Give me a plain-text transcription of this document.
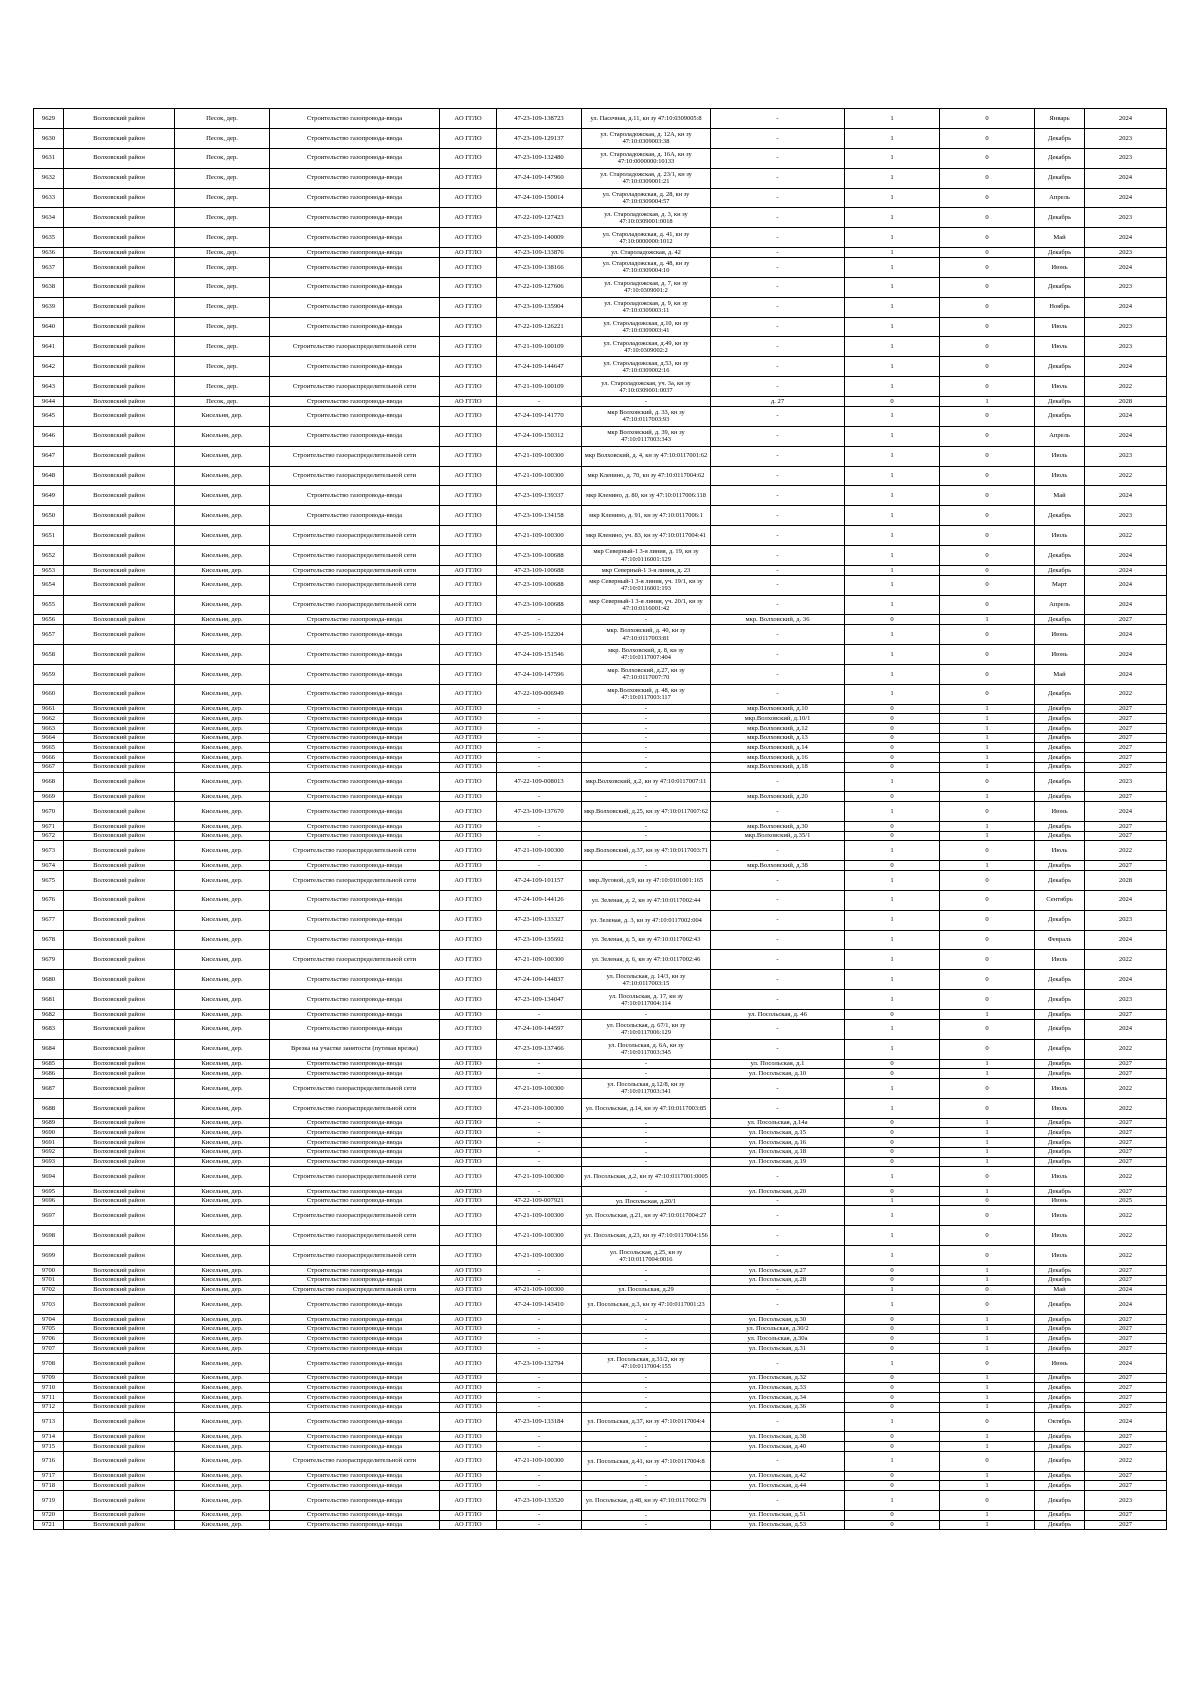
9629	Волховский район	Песок, дер.	Строительство газопровода-ввода	АО ГГЛО	47-23-109-138723	ул. Пасечная, д.11, кн зу 47:10:0309005:8	-	1	0	Январь	2024
9630	Волховский район	Песок, дер.	Строительство газопровода-ввода	АО ГГЛО	47-23-109-129137	ул. Староладожская, д. 12А, кн зу 47:10:0309003:38	-	1	0	Декабрь	2023
9631	Волховский район	Песок, дер.	Строительство газопровода-ввода	АО ГГЛО	47-23-109-132480	ул. Староладожская, д. 16А, кн зу 47:10:0000000:10133	-	1	0	Декабрь	2023
9632	Волховский район	Песок, дер.	Строительство газопровода-ввода	АО ГГЛО	47-24-109-147960	ул. Староладожская, д. 23/1, кн зу 47:10:0309001:21	-	1	0	Декабрь	2024
9633	Волховский район	Песок, дер.	Строительство газопровода-ввода	АО ГГЛО	47-24-109-150014	ул. Староладожская, д. 28, кн зу 47:10:0309004:57	-	1	0	Апрель	2024
9634	Волховский район	Песок, дер.	Строительство газопровода-ввода	АО ГГЛО	47-22-109-127423	ул. Староладожская, д. 3, кн зу 47:10:0309001:0018	-	1	0	Декабрь	2023
9635	Волховский район	Песок, дер.	Строительство газопровода-ввода	АО ГГЛО	47-23-109-140009	ул. Староладожская, д. 41, кн зу 47:10:0000000:1012	-	1	0	Май	2024
9636	Волховский район	Песок, дер.	Строительство газопровода-ввода	АО ГГЛО	47-23-109-133876	ул. Староладожская, д. 42	-	1	0	Декабрь	2023
9637	Волховский район	Песок, дер.	Строительство газопровода-ввода	АО ГГЛО	47-23-109-138166	ул. Староладожская, д. 48, кн зу 47:10:0309004:10	-	1	0	Июнь	2024
9638	Волховский район	Песок, дер.	Строительство газопровода-ввода	АО ГГЛО	47-22-109-127606	ул. Староладожская, д. 7, кн зу 47:10:0309001:2	-	1	0	Декабрь	2023
9639	Волховский район	Песок, дер.	Строительство газопровода-ввода	АО ГГЛО	47-23-109-135904	ул. Староладожская, д. 9, кн зу 47:10:0309003:11	-	1	0	Ноябрь	2024
9640	Волховский район	Песок, дер.	Строительство газопровода-ввода	АО ГГЛО	47-22-109-126221	ул. Староладожская, д.10, кн зу 47:10:0309003:41	-	1	0	Июль	2023
9641	Волховский район	Песок, дер.	Строительство газораспределительной сети	АО ГГЛО	47-21-109-100109	ул. Староладожская, д.49, кн зу 47:10:0309002:2	-	1	0	Июль	2023
9642	Волховский район	Песок, дер.	Строительство газопровода-ввода	АО ГГЛО	47-24-109-144647	ул. Староладожская, д.53, кн зу 47:10:0309002:16	-	1	0	Декабрь	2024
9643	Волховский район	Песок, дер.	Строительство газораспределительной сети	АО ГГЛО	47-21-109-100109	ул. Староладожская, уч. 3а, кн зу 47:10:0309001:0037	-	1	0	Июль	2022
9644	Волховский район	Песок, дер.	Строительство газопровода-ввода	АО ГГЛО	-	-	д. 27	0	1	Декабрь	2028
9645	Волховский район	Кисельня, дер.	Строительство газопровода-ввода	АО ГГЛО	47-24-109-141770	мкр Волховский, д. 33, кн зу 47:10:0117003:93	-	1	0	Декабрь	2024
9646	Волховский район	Кисельня, дер.	Строительство газопровода-ввода	АО ГГЛО	47-24-109-150312	мкр Волховский, д. 39, кн зу 47:10:0117003:343	-	1	0	Апрель	2024
9647	Волховский район	Кисельня, дер.	Строительство газораспределительной сети	АО ГГЛО	47-21-109-100300	мкр Волховский, д. 4, кн зу 47:10:0117001:62	-	1	0	Июль	2023
9648	Волховский район	Кисельня, дер.	Строительство газораспределительной сети	АО ГГЛО	47-21-109-100300	мкр Кленино, д. 70, кн зу 47:10:0117004:62	-	1	0	Июль	2022
9649	Волховский район	Кисельня, дер.	Строительство газопровода-ввода	АО ГГЛО	47-23-109-139337	мкр Кленино, д. 80, кн зу 47:10:0117006:118	-	1	0	Май	2024
9650	Волховский район	Кисельня, дер.	Строительство газопровода-ввода	АО ГГЛО	47-23-109-134158	мкр Кленино, д. 91, кн зу 47:10:0117006:1	-	1	0	Декабрь	2023
9651	Волховский район	Кисельня, дер.	Строительство газораспределительной сети	АО ГГЛО	47-21-109-100300	мкр Кленино, уч. 83, кн зу 47:10:0117004:41	-	1	0	Июль	2022
9652	Волховский район	Кисельня, дер.	Строительство газораспределительной сети	АО ГГЛО	47-23-109-100688	мкр Северный-1 3-я линия, д. 19, кн зу 47:10:0116001:129	-	1	0	Декабрь	2024
9653	Волховский район	Кисельня, дер.	Строительство газораспределительной сети	АО ГГЛО	47-23-109-100688	мкр Северный-1 3-я линия, д. 23	-	1	0	Декабрь	2024
9654	Волховский район	Кисельня, дер.	Строительство газораспределительной сети	АО ГГЛО	47-23-109-100688	мкр Северный-1 3-я линия, уч. 19/1, кн зу 47:10:0116001:193	-	1	0	Март	2024
9655	Волховский район	Кисельня, дер.	Строительство газораспределительной сети	АО ГГЛО	47-23-109-100688	мкр Северный-1 3-я линия, уч. 20/1, кн зу 47:10:0116001:42	-	1	0	Апрель	2024
9656	Волховский район	Кисельня, дер.	Строительство газопровода-ввода	АО ГГЛО	-	-	мкр. Волховский, д. 36	0	1	Декабрь	2027
9657	Волховский район	Кисельня, дер.	Строительство газопровода-ввода	АО ГГЛО	47-25-109-152204	мкр. Волховский, д. 40, кн зу 47:10:0117003:81	-	1	0	Июнь	2024
9658	Волховский район	Кисельня, дер.	Строительство газопровода-ввода	АО ГГЛО	47-24-109-151546	мкр. Волховский, д. 8, кн зу 47:10:0117007:404	-	1	0	Июнь	2024
9659	Волховский район	Кисельня, дер.	Строительство газопровода-ввода	АО ГГЛО	47-24-109-147596	мкр. Волховский, д.27, кн зу 47:10:0117007:70	-	1	0	Май	2024
9660	Волховский район	Кисельня, дер.	Строительство газопровода-ввода	АО ГГЛО	47-22-109-006949	мкр.Волховский, д. 48, кн зу 47:10:0117003:117	-	1	0	Декабрь	2022
9661	Волховский район	Кисельня, дер.	Строительство газопровода-ввода	АО ГГЛО	-	-	мкр.Волховский, д.10	0	1	Декабрь	2027
9662	Волховский район	Кисельня, дер.	Строительство газопровода-ввода	АО ГГЛО	-	-	мкр.Волховский, д.10/1	0	1	Декабрь	2027
9663	Волховский район	Кисельня, дер.	Строительство газопровода-ввода	АО ГГЛО	-	-	мкр.Волховский, д.12	0	1	Декабрь	2027
9664	Волховский район	Кисельня, дер.	Строительство газопровода-ввода	АО ГГЛО	-	-	мкр.Волховский, д.13	0	1	Декабрь	2027
9665	Волховский район	Кисельня, дер.	Строительство газопровода-ввода	АО ГГЛО	-	-	мкр.Волховский, д.14	0	1	Декабрь	2027
9666	Волховский район	Кисельня, дер.	Строительство газопровода-ввода	АО ГГЛО	-	-	мкр.Волховский, д.16	0	1	Декабрь	2027
9667	Волховский район	Кисельня, дер.	Строительство газопровода-ввода	АО ГГЛО	-	-	мкр.Волховский, д.18	0	1	Декабрь	2027
9668	Волховский район	Кисельня, дер.	Строительство газопровода-ввода	АО ГГЛО	47-22-109-008013	мкр.Волховский, д.2, кн зу 47:10:0117007:11	-	1	0	Декабрь	2023
9669	Волховский район	Кисельня, дер.	Строительство газопровода-ввода	АО ГГЛО	-	-	мкр.Волховский, д.20	0	1	Декабрь	2027
9670	Волховский район	Кисельня, дер.	Строительство газопровода-ввода	АО ГГЛО	47-23-109-137670	мкр.Волховский, д.25, кн зу 47:10:0117007:62	-	1	0	Июнь	2024
9671	Волховский район	Кисельня, дер.	Строительство газопровода-ввода	АО ГГЛО	-	-	мкр.Волховский, д.30	0	1	Декабрь	2027
9672	Волховский район	Кисельня, дер.	Строительство газопровода-ввода	АО ГГЛО	-	-	мкр.Волховский, д.35/1	0	1	Декабрь	2027
9673	Волховский район	Кисельня, дер.	Строительство газораспределительной сети	АО ГГЛО	47-21-109-100300	мкр.Волховский, д.37, кн зу 47:10:0117003:71	-	1	0	Июль	2022
9674	Волховский район	Кисельня, дер.	Строительство газопровода-ввода	АО ГГЛО	-	-	мкр.Волховский, д.38	0	1	Декабрь	2027
9675	Волховский район	Кисельня, дер.	Строительство газораспределительной сети	АО ГГЛО	47-24-109-101157	мкр.Луговой, д.9, кн зу 47:10:0101001:165	-	1	0	Декабрь	2028
9676	Волховский район	Кисельня, дер.	Строительство газопровода-ввода	АО ГГЛО	47-24-109-144126	ул. Зеленая, д. 2, кн зу 47:10:0117002:44	-	1	0	Сентябрь	2024
9677	Волховский район	Кисельня, дер.	Строительство газопровода-ввода	АО ГГЛО	47-23-109-133327	ул. Зеленая, д. 3, кн зу 47:10:0117002:004	-	1	0	Декабрь	2023
9678	Волховский район	Кисельня, дер.	Строительство газопровода-ввода	АО ГГЛО	47-23-109-135692	ул. Зеленая, д. 5, кн зу 47:10:0117002:43	-	1	0	Февраль	2024
9679	Волховский район	Кисельня, дер.	Строительство газораспределительной сети	АО ГГЛО	47-21-109-100300	ул. Зеленая, д. 6, кн зу 47:10:0117002:46	-	1	0	Июль	2022
9680	Волховский район	Кисельня, дер.	Строительство газопровода-ввода	АО ГГЛО	47-24-109-144837	ул. Посольская, д. 14/3, кн зу 47:10:0117003:15	-	1	0	Декабрь	2024
9681	Волховский район	Кисельня, дер.	Строительство газопровода-ввода	АО ГГЛО	47-23-109-134047	ул. Посольская, д. 17, кн зу 47:10:0117004:114	-	1	0	Декабрь	2023
9682	Волховский район	Кисельня, дер.	Строительство газопровода-ввода	АО ГГЛО	-	-	ул. Посольская, д. 46	0	1	Декабрь	2027
9683	Волховский район	Кисельня, дер.	Строительство газопровода-ввода	АО ГГЛО	47-24-109-144597	ул. Посольская, д. 67/1, кн зу 47:10:0117006:129	-	1	0	Декабрь	2024
9684	Волховский район	Кисельня, дер.	Врезка на участке занятости (путевая врезка)	АО ГГЛО	47-23-109-137466	ул. Посольская, д. 6А, кн зу 47:10:0117003:345	-	1	0	Декабрь	2022
9685	Волховский район	Кисельня, дер.	Строительство газопровода-ввода	АО ГГЛО	-	-	ул. Посольская, д.1	0	1	Декабрь	2027
9686	Волховский район	Кисельня, дер.	Строительство газопровода-ввода	АО ГГЛО	-	-	ул. Посольская, д.10	0	1	Декабрь	2027
9687	Волховский район	Кисельня, дер.	Строительство газораспределительной сети	АО ГГЛО	47-21-109-100300	ул. Посольская, д.12/8, кн зу 47:10:0117003:341	-	1	0	Июль	2022
9688	Волховский район	Кисельня, дер.	Строительство газораспределительной сети	АО ГГЛО	47-21-109-100300	ул. Посольская, д.14, кн зу 47:10:0117003:85	-	1	0	Июль	2022
9689	Волховский район	Кисельня, дер.	Строительство газопровода-ввода	АО ГГЛО	-	-	ул. Посольская, д.14а	0	1	Декабрь	2027
9690	Волховский район	Кисельня, дер.	Строительство газопровода-ввода	АО ГГЛО	-	-	ул. Посольская, д.15	0	1	Декабрь	2027
9691	Волховский район	Кисельня, дер.	Строительство газопровода-ввода	АО ГГЛО	-	-	ул. Посольская, д.16	0	1	Декабрь	2027
9692	Волховский район	Кисельня, дер.	Строительство газопровода-ввода	АО ГГЛО	-	-	ул. Посольская, д.18	0	1	Декабрь	2027
9693	Волховский район	Кисельня, дер.	Строительство газопровода-ввода	АО ГГЛО	-	-	ул. Посольская, д.19	0	1	Декабрь	2027
9694	Волховский район	Кисельня, дер.	Строительство газораспределительной сети	АО ГГЛО	47-21-109-100300	ул. Посольская, д.2, кн зу 47:10:0117001:0005	-	1	0	Июль	2022
9695	Волховский район	Кисельня, дер.	Строительство газопровода-ввода	АО ГГЛО	-	-	ул. Посольская, д.20	0	1	Декабрь	2027
9696	Волховский район	Кисельня, дер.	Строительство газопровода-ввода	АО ГГЛО	47-22-109-007921	ул. Посольская, д.20/1	-	1	0	Июнь	2025
9697	Волховский район	Кисельня, дер.	Строительство газораспределительной сети	АО ГГЛО	47-21-109-100300	ул. Посольская, д.21, кн зу 47:10:0117004:27	-	1	0	Июль	2022
9698	Волховский район	Кисельня, дер.	Строительство газораспределительной сети	АО ГГЛО	47-21-109-100300	ул. Посольская, д.23, кн зу 47:10:0117004:156	-	1	0	Июль	2022
9699	Волховский район	Кисельня, дер.	Строительство газораспределительной сети	АО ГГЛО	47-21-109-100300	ул. Посольская, д.25, кн зу 47:10:0117004:0016	-	1	0	Июль	2022
9700	Волховский район	Кисельня, дер.	Строительство газопровода-ввода	АО ГГЛО	-	-	ул. Посольская, д.27	0	1	Декабрь	2027
9701	Волховский район	Кисельня, дер.	Строительство газопровода-ввода	АО ГГЛО	-	-	ул. Посольская, д.28	0	1	Декабрь	2027
9702	Волховский район	Кисельня, дер.	Строительство газораспределительной сети	АО ГГЛО	47-21-109-100300	ул. Посольская, д.29	-	1	0	Май	2024
9703	Волховский район	Кисельня, дер.	Строительство газопровода-ввода	АО ГГЛО	47-24-109-143410	ул. Посольская, д.3, кн зу 47:10:0117001:23	-	1	0	Декабрь	2024
9704	Волховский район	Кисельня, дер.	Строительство газопровода-ввода	АО ГГЛО	-	-	ул. Посольская, д.30	0	1	Декабрь	2027
9705	Волховский район	Кисельня, дер.	Строительство газопровода-ввода	АО ГГЛО	-	-	ул. Посольская, д.30/2	0	1	Декабрь	2027
9706	Волховский район	Кисельня, дер.	Строительство газопровода-ввода	АО ГГЛО	-	-	ул. Посольская, д.30а	0	1	Декабрь	2027
9707	Волховский район	Кисельня, дер.	Строительство газопровода-ввода	АО ГГЛО	-	-	ул. Посольская, д.31	0	1	Декабрь	2027
9708	Волховский район	Кисельня, дер.	Строительство газопровода-ввода	АО ГГЛО	47-23-109-132794	ул. Посольская, д.31/2, кн зу 47:10:0117004:155	-	1	0	Июнь	2024
9709	Волховский район	Кисельня, дер.	Строительство газопровода-ввода	АО ГГЛО	-	-	ул. Посольская, д.32	0	1	Декабрь	2027
9710	Волховский район	Кисельня, дер.	Строительство газопровода-ввода	АО ГГЛО	-	-	ул. Посольская, д.33	0	1	Декабрь	2027
9711	Волховский район	Кисельня, дер.	Строительство газопровода-ввода	АО ГГЛО	-	-	ул. Посольская, д.34	0	1	Декабрь	2027
9712	Волховский район	Кисельня, дер.	Строительство газопровода-ввода	АО ГГЛО	-	-	ул. Посольская, д.36	0	1	Декабрь	2027
9713	Волховский район	Кисельня, дер.	Строительство газопровода-ввода	АО ГГЛО	47-23-109-133184	ул. Посольская, д.37, кн зу 47:10:0117004:4	-	1	0	Октябрь	2024
9714	Волховский район	Кисельня, дер.	Строительство газопровода-ввода	АО ГГЛО	-	-	ул. Посольская, д.38	0	1	Декабрь	2027
9715	Волховский район	Кисельня, дер.	Строительство газопровода-ввода	АО ГГЛО	-	-	ул. Посольская, д.40	0	1	Декабрь	2027
9716	Волховский район	Кисельня, дер.	Строительство газораспределительной сети	АО ГГЛО	47-21-109-100300	ул. Посольская, д.41, кн зу 47:10:0117004:8	-	1	0	Декабрь	2022
9717	Волховский район	Кисельня, дер.	Строительство газопровода-ввода	АО ГГЛО	-	-	ул. Посольская, д.42	0	1	Декабрь	2027
9718	Волховский район	Кисельня, дер.	Строительство газопровода-ввода	АО ГГЛО	-	-	ул. Посольская, д.44	0	1	Декабрь	2027
9719	Волховский район	Кисельня, дер.	Строительство газопровода-ввода	АО ГГЛО	47-23-109-133520	ул. Посольская, д.48, кн зу 47:10:0117002:79	-	1	0	Декабрь	2023
9720	Волховский район	Кисельня, дер.	Строительство газопровода-ввода	АО ГГЛО	-	-	ул. Посольская, д.51	0	1	Декабрь	2027
9721	Волховский район	Кисельня, дер.	Строительство газопровода-ввода	АО ГГЛО	-	-	ул. Посольская, д.53	0	1	Декабрь	2027
